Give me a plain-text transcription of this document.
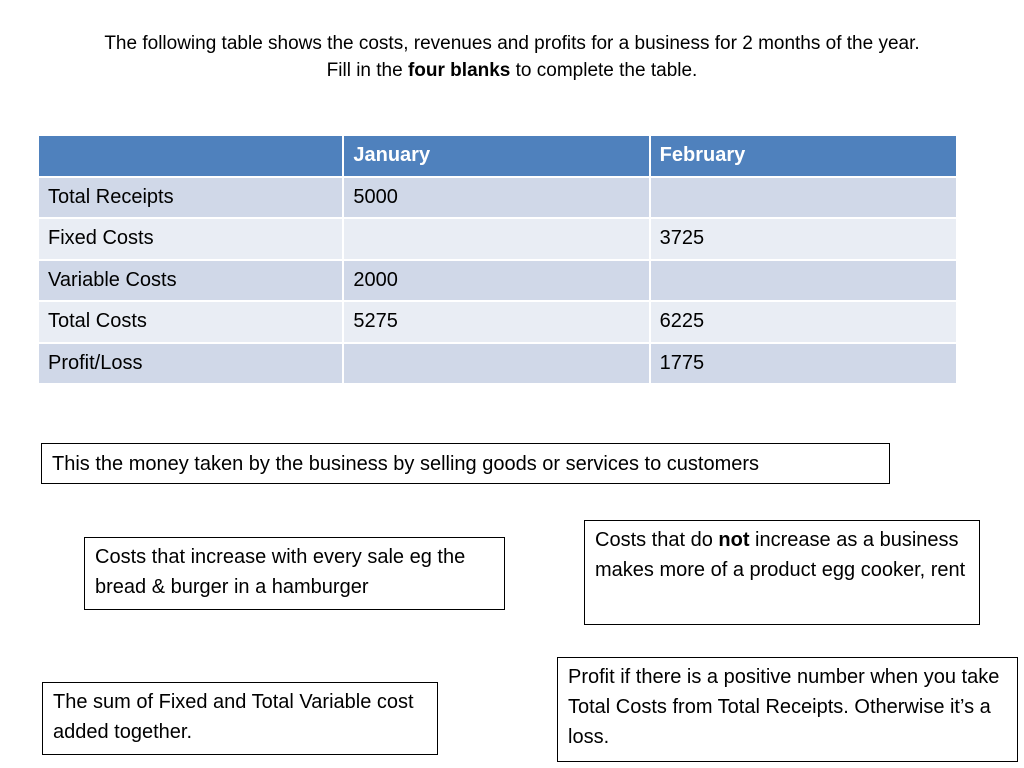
The following table shows the costs, revenues and profits for a business for 2 months of the year.
Fill in the four blanks to complete the table.
	January	February
Total Receipts	5000	
Fixed Costs		3725
Variable Costs	2000	
Total Costs	5275	6225
Profit/Loss		1775
This the money taken by the business by selling goods or services to customers
Costs that increase with every sale eg the bread & burger in a hamburger
Costs that do not increase as a business makes more of a product egg cooker, rent
The sum of Fixed and Total Variable cost added together.
Profit if there is a positive number when you take Total Costs from Total Receipts. Otherwise it’s a loss.
